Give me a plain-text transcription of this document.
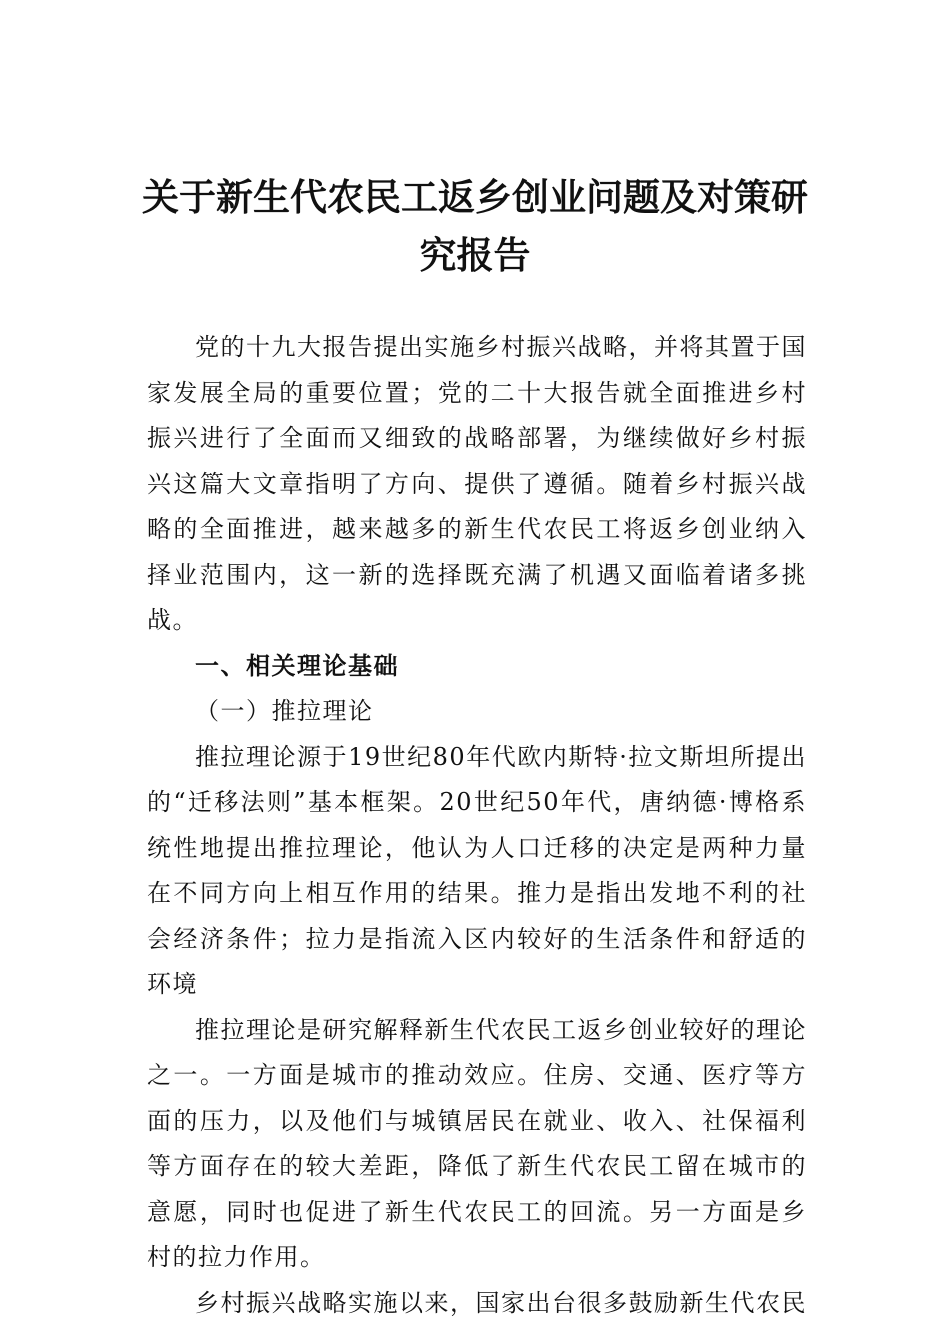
关于新生代农民工返乡创业问题及对策研究报告

党的十九大报告提出实施乡村振兴战略，并将其置于国家发展全局的重要位置；党的二十大报告就全面推进乡村振兴进行了全面而又细致的战略部署，为继续做好乡村振兴这篇大文章指明了方向、提供了遵循。随着乡村振兴战略的全面推进，越来越多的新生代农民工将返乡创业纳入择业范围内，这一新的选择既充满了机遇又面临着诸多挑战。

一、相关理论基础

（一）推拉理论

推拉理论源于19世纪80年代欧内斯特·拉文斯坦所提出的“迁移法则”基本框架。20世纪50年代，唐纳德·博格系统性地提出推拉理论，他认为人口迁移的决定是两种力量在不同方向上相互作用的结果。推力是指出发地不利的社会经济条件；拉力是指流入区内较好的生活条件和舒适的环境

推拉理论是研究解释新生代农民工返乡创业较好的理论之一。一方面是城市的推动效应。住房、交通、医疗等方面的压力，以及他们与城镇居民在就业、收入、社保福利等方面存在的较大差距，降低了新生代农民工留在城市的意愿，同时也促进了新生代农民工的回流。另一方面是乡村的拉力作用。

乡村振兴战略实施以来，国家出台很多鼓励新生代农民
